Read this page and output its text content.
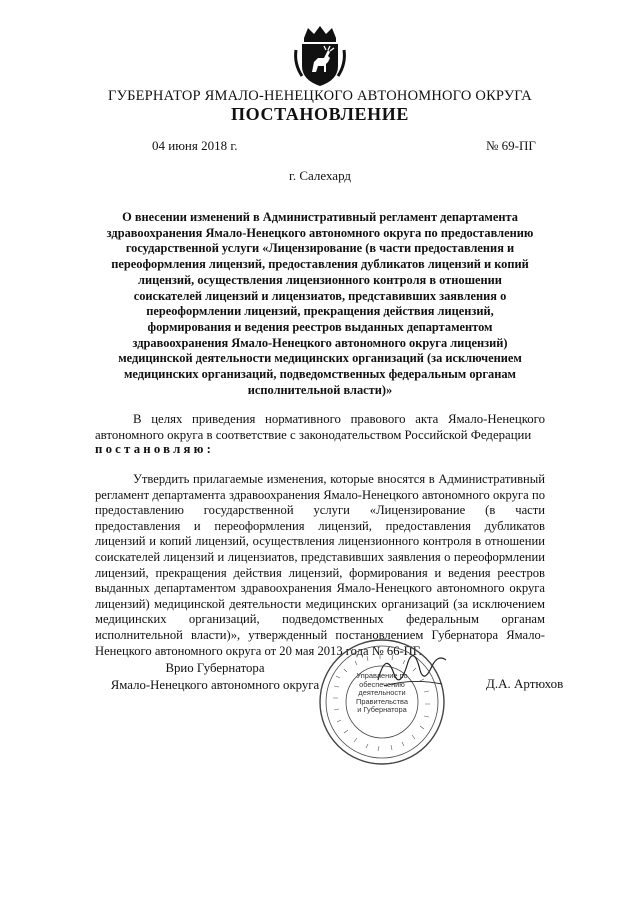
ГУБЕРНАТОР ЯМАЛО-НЕНЕЦКОГО АВТОНОМНОГО ОКРУГА
ПОСТАНОВЛЕНИЕ
04 июня 2018 г.	№ 69-ПГ
г. Салехард
О внесении изменений в Административный регламент департамента здравоохранения Ямало-Ненецкого автономного округа по предоставлению государственной услуги «Лицензирование (в части предоставления и переоформления лицензий, предоставления дубликатов лицензий и копий лицензий, осуществления лицензионного контроля в отношении соискателей лицензий и лицензиатов, представивших заявления о переоформлении лицензий, прекращения действия лицензий, формирования и ведения реестров выданных департаментом здравоохранения Ямало-Ненецкого автономного округа лицензий) медицинской деятельности медицинских организаций (за исключением медицинских организаций, подведомственных федеральным органам исполнительной власти)»
В целях приведения нормативного правового акта Ямало-Ненецкого автономного округа в соответствие с законодательством Российской Федерации
постановляю:
Утвердить прилагаемые изменения, которые вносятся в Административный регламент департамента здравоохранения Ямало-Ненецкого автономного округа по предоставлению государственной услуги «Лицензирование (в части предоставления и переоформления лицензий, предоставления дубликатов лицензий и копий лицензий, осуществления лицензионного контроля в отношении соискателей лицензий и лицензиатов, представивших заявления о переоформлении лицензий, прекращения действия лицензий, формирования и ведения реестров выданных департаментом здравоохранения Ямало-Ненецкого автономного округа лицензий) медицинской деятельности медицинских организаций (за исключением медицинских организаций, подведомственных федеральным органам исполнительной власти)», утвержденный постановлением Губернатора Ямало-Ненецкого автономного округа от 20 мая 2013 года № 66-ПГ.
Врио Губернатора
Ямало-Ненецкого автономного округа
Управление по
обеспечению
деятельности
Правительства
и Губернатора
Д.А. Артюхов
